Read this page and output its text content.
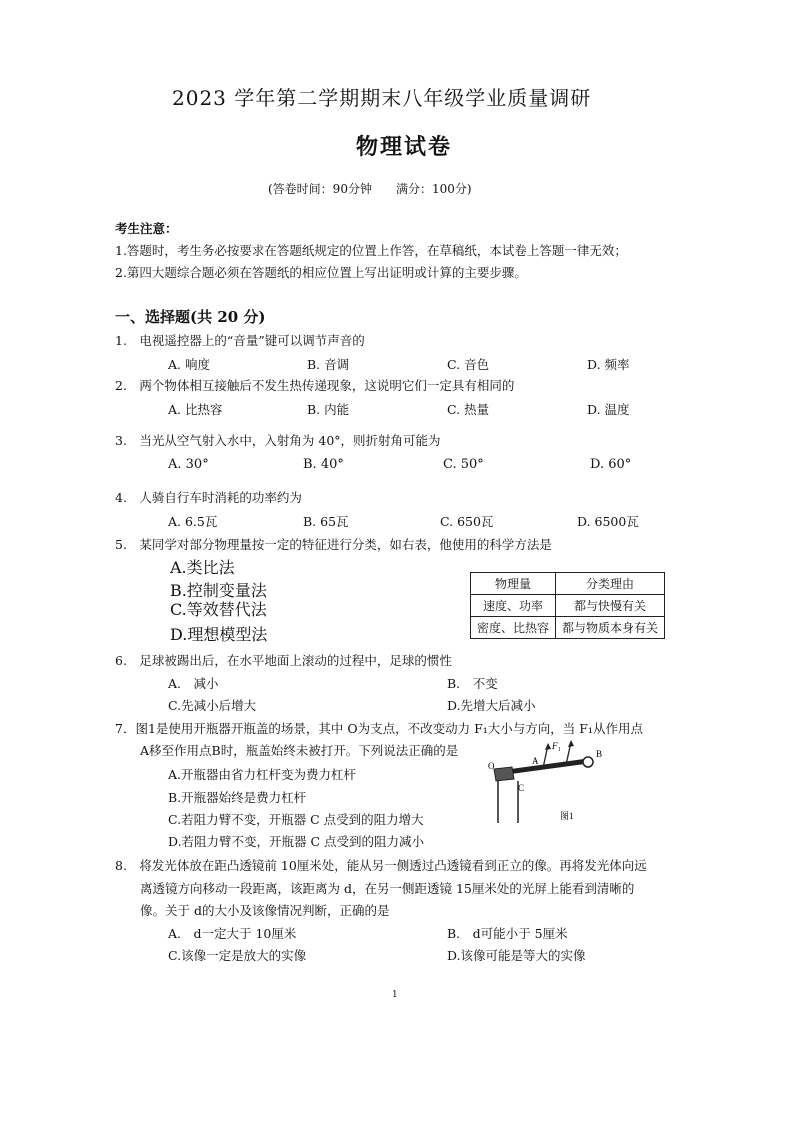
2023 学年第二学期期末八年级学业质量调研
物理试卷
(答卷时间：90分钟　　满分：100分)
考生注意：
1.答题时，考生务必按要求在答题纸规定的位置上作答，在草稿纸，本试卷上答题一律无效；
2.第四大题综合题必须在答题纸的相应位置上写出证明或计算的主要步骤。
一、选择题(共 20 分)
1.　电视遥控器上的“音量”键可以调节声音的
A. 响度	B. 音调	C. 音色	D. 频率
2.　两个物体相互接触后不发生热传递现象，这说明它们一定具有相同的
A. 比热容	B. 内能	C. 热量	D. 温度
3.　当光从空气射入水中，入射角为 40°，则折射角可能为
A. 30°	B. 40°	C. 50°	D. 60°
4.　人骑自行车时消耗的功率约为
A. 6.5瓦	B. 65瓦	C. 650瓦	D. 6500瓦
5.　某同学对部分物理量按一定的特征进行分类，如右表，他使用的科学方法是
A.类比法
B.控制变量法
C.等效替代法
D.理想模型法
物理量	分类理由
速度、功率	都与快慢有关
密度、比热容	都与物质本身有关
6.　足球被踢出后，在水平地面上滚动的过程中，足球的惯性
A.　减小	B.　不变
C.先减小后增大	D.先增大后减小
7．图1是使用开瓶器开瓶盖的场景，其中 O为支点，不改变动力 F₁大小与方向，当 F₁从作用点
A移至作用点B时，瓶盖始终未被打开。下列说法正确的是
A.开瓶器由省力杠杆变为费力杠杆
B.开瓶器始终是费力杠杆
C.若阻力臂不变，开瓶器 C 点受到的阻力增大
D.若阻力臂不变，开瓶器 C 点受到的阻力减小
F₁
A
B
O
C
图1
8.　将发光体放在距凸透镜前 10厘米处，能从另一侧透过凸透镜看到正立的像。再将发光体向远
离透镜方向移动一段距离，该距离为 d，在另一侧距透镜 15厘米处的光屏上能看到清晰的
像。关于 d的大小及该像情况判断，正确的是
A.　d一定大于 10厘米	B.　d可能小于 5厘米
C.该像一定是放大的实像	D.该像可能是等大的实像
1
